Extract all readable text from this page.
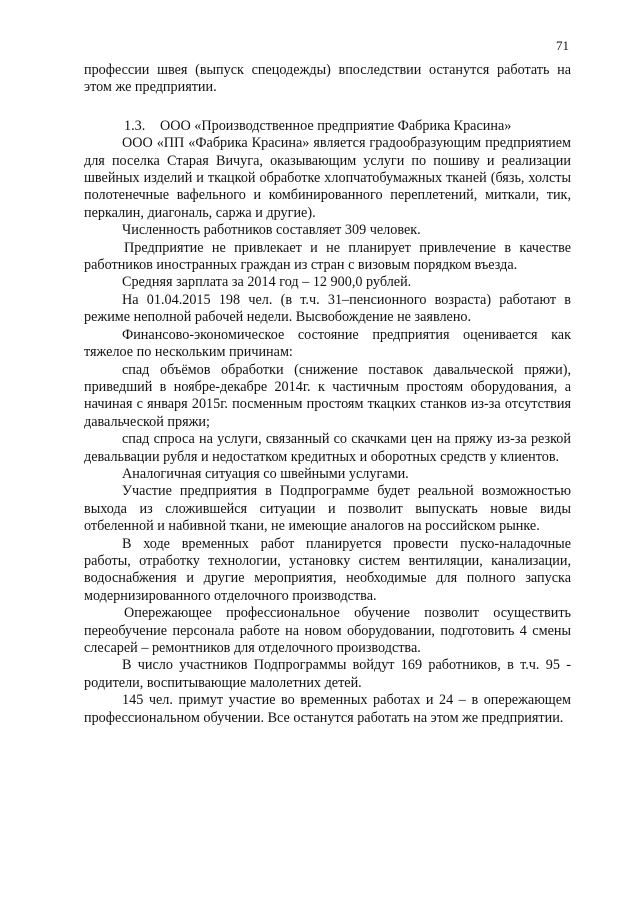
71

профессии швея (выпуск спецодежды) впоследствии останутся работать на этом же предприятии.

1.3. ООО «Производственное предприятие Фабрика Красина»

ООО «ПП «Фабрика Красина» является градообразующим предприятием для поселка Старая Вичуга, оказывающим услуги по пошиву и реализации швейных изделий и ткацкой обработке хлопчатобумажных тканей (бязь, холсты полотенечные вафельного и комбинированного переплетений, миткали, тик, перкалин, диагональ, саржа и другие).

Численность работников составляет 309 человек.

Предприятие не привлекает и не планирует привлечение в качестве работников иностранных граждан из стран с визовым порядком въезда.

Средняя зарплата за 2014 год – 12 900,0 рублей.

На 01.04.2015 198 чел. (в т.ч. 31–пенсионного возраста) работают в режиме неполной рабочей недели. Высвобождение не заявлено.

Финансово-экономическое состояние предприятия оценивается как тяжелое по нескольким причинам:

спад объёмов обработки (снижение поставок давальческой пряжи), приведший в ноябре-декабре 2014г. к частичным простоям оборудования, а начиная с января 2015г. посменным простоям ткацких станков из-за отсутствия давальческой пряжи;

спад спроса на услуги, связанный со скачками цен на пряжу из-за резкой девальвации рубля и недостатком кредитных и оборотных средств у клиентов.

Аналогичная ситуация со швейными услугами.

Участие предприятия в Подпрограмме будет реальной возможностью выхода из сложившейся ситуации и позволит выпускать новые виды отбеленной и набивной ткани, не имеющие аналогов на российском рынке.

В ходе временных работ планируется провести пуско-наладочные работы, отработку технологии, установку систем вентиляции, канализации, водоснабжения и другие мероприятия, необходимые для полного запуска модернизированного отделочного производства.

Опережающее профессиональное обучение позволит осуществить переобучение персонала работе на новом оборудовании, подготовить 4 смены слесарей – ремонтников для отделочного производства.

В число участников Подпрограммы войдут 169 работников, в т.ч. 95 - родители, воспитывающие малолетних детей.

145 чел. примут участие во временных работах и 24 – в опережающем профессиональном обучении. Все останутся работать на этом же предприятии.
